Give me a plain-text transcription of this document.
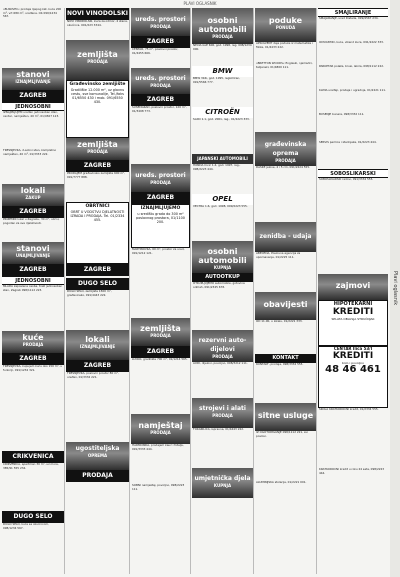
PLAVI OGLASNIK
»BUKOVEC« prodaja lijepog kat. kuće 200 m², vrt 680 m², uređena. Ob 099/1234 567.
stanovi
IZNAJMLJIVANJE
ZAGREB
JEDNOSOBNI
IZNAJMLJUJEM uređen jednosoban stan, centar, namješten, 40 m², 01/4567 123.
TREŠNJEVKA, 2-sobni stan, kompletno namješten, 40 m², 01/3333 222.
lokali
ZAKUP
ZAGREB
PRIZEMNI lokal u Zagrebu, 30 m², ulični, pogodan za sve djelatnosti.
stanovi
UNAJMLJIVANJE
ZAGREB
JEDNOSOBNI
MLADA zaposlena osoba, traži jednosoban stan, Zagreb 098/1112 223.
kuće
PRODAJA
ZAGREB
TREŠNJEVKA, kupujem kuću oko 150 m², u funkciji, 091/1234 321.
CRIKVENICA
CRIKVENICA, apartman 30 m², uz more, 385/91 555 234.
DUGO SELO
DUGO SELO, kuća sa okućnicom, 098/1234 567.
NOVI VINODOLSKI
NOVI VINODOLSKI, kuća za odmor, 4 stana, okućnica. 091/223 3344.
zemljišta
PRODAJA
Građevinsko zemljište
Gradilište 12.000 m², uz glavnu cestu, sve komunalije, Tel./faks 01/6550 430 i mob. 091/6550 430.
zemljišta
PRODAJA
ZAGREB
PRODAJEM građevinsko zemljište 600 m², 091/7777 888.
OBRTNICI
OBRT U VODSTVU DJELATNOSTI IZRADA I PRODAJA. Tel. 01/2334 455.
ZAGREB
DUGO SELO
DUGO SELO, zemljište 1500 m², građevinsko, 091/4443 222.
lokali
IZNAJMLJIVANJE
ZAGREB
TREŠNJEVKA, poslovni prostor 80 m², uređen, 01/3332 221.
ugostiteljska
OPREMA
PRODAJA
ureds. prostori
PRODAJA
ZAGREB
CENTAR, 75 m², poslovni prostor, 01/4455 666.
ureds. prostori
PRODAJA
ZAGREB
SUSEDGRAD, poslovni prostor, 120 m², 01/3498 773.
ureds. prostori
PRODAJA
ZAGREB
IZNAJMLJUJEMO
u središtu grada do 300 m² poslovnog prostora, 01/1100 200.
MARTINOVKA, 60 m², prostor za ured, 091/1212 121.
zemljišta
PRODAJA
ZAGREB
LUČKO, gradilište 700 m², 01/1214 565.
namještaj
PRODAJA
HARMONIKA, prodajem kauč i fotelju, 091/3333 444.
SOBNI namještaj, povoljno, 098/2223 111.
osobni automobili
PRODAJA
NEXIA GLE 606, god. 1998, reg. 098/1234 000.
BMW
BMW 316i, god. 1995, registriran, 091/5566 777.
CITROËN
SAXO 1.1, god. 2001, reg., 01/2223 333.
JAPANSKI AUTOMOBILI
HONDA Civic 1.4, god. 1997, reg., 098/2223 444.
OPEL
VECTRA 1.6, god. 1998, 099/2223 555.
osobni automobili
KUPNJA
AUTOOTKUP
OTKUPLJUJEMO automobile, gotovina odmah, 091/2345 678.
rezervni auto-dijelovi
PRODAJA
AUDI, dijelovi, povoljno, 098/3212 111.
strojevi i alati
PRODAJA
TOKARILICA, ispravna, 01/4443 222.
umjetnička djela
KUPNJA
poduke
PONUDA
APSOLVENT daje poduke iz matematike i fizike, 01/4433 222.
»BRETTON WOODS« Engleski, njemački, talijanski, 01/4800 111.
građevinska oprema
PRODAJA
DASKE jelove, 4 i 5 cm, 091/2224 555.
zenidba - udaja
ABECEDA, Poslovna agencija za upoznavanje, 01/2225 111.
obavijesti
OD 11.00, u lokalu, 01/2221 333.
KONTAKT
KONTAKT, prodaja, 098/3334 555.
sitne usluge
IZ OGOTOPAVANJE 098/1112 221, svi poslovi.
ALUMINIJSKA stolarija, 01/2221 001.
SMAJLIRANJE
SMAJLIRANJE, ured Distella, 099/4567 234.
ODVOZIMO, kuće, vikend kuće, 091/2222 333.
PARKETAR polaže, brusi, lakira, 098/1112 222.
KLIMA uređaji, prodaja i ugradnja, 01/2221 111.
BUŠENJE bunara, 098/3332 111.
SERVIS perilica i štednjaka, 01/2223 444.
SOBOSLIKARSKI
SOBOSLIKARSKI radovi, 091/3334 555.
zajmovi
HIPOTEKARNI
KREDITI
SPLATA OBAVLJA STRUČNJAK
CENTAR Ilica 53/I
KREDITI
brzo i povoljno
48 46 461
ŠKOLA KRATKOROČNI kredit, 01/2334 555.
KRATKOROČNI kredit u roku 24 sata, 098/2223 444.
Plavi oglasnik
